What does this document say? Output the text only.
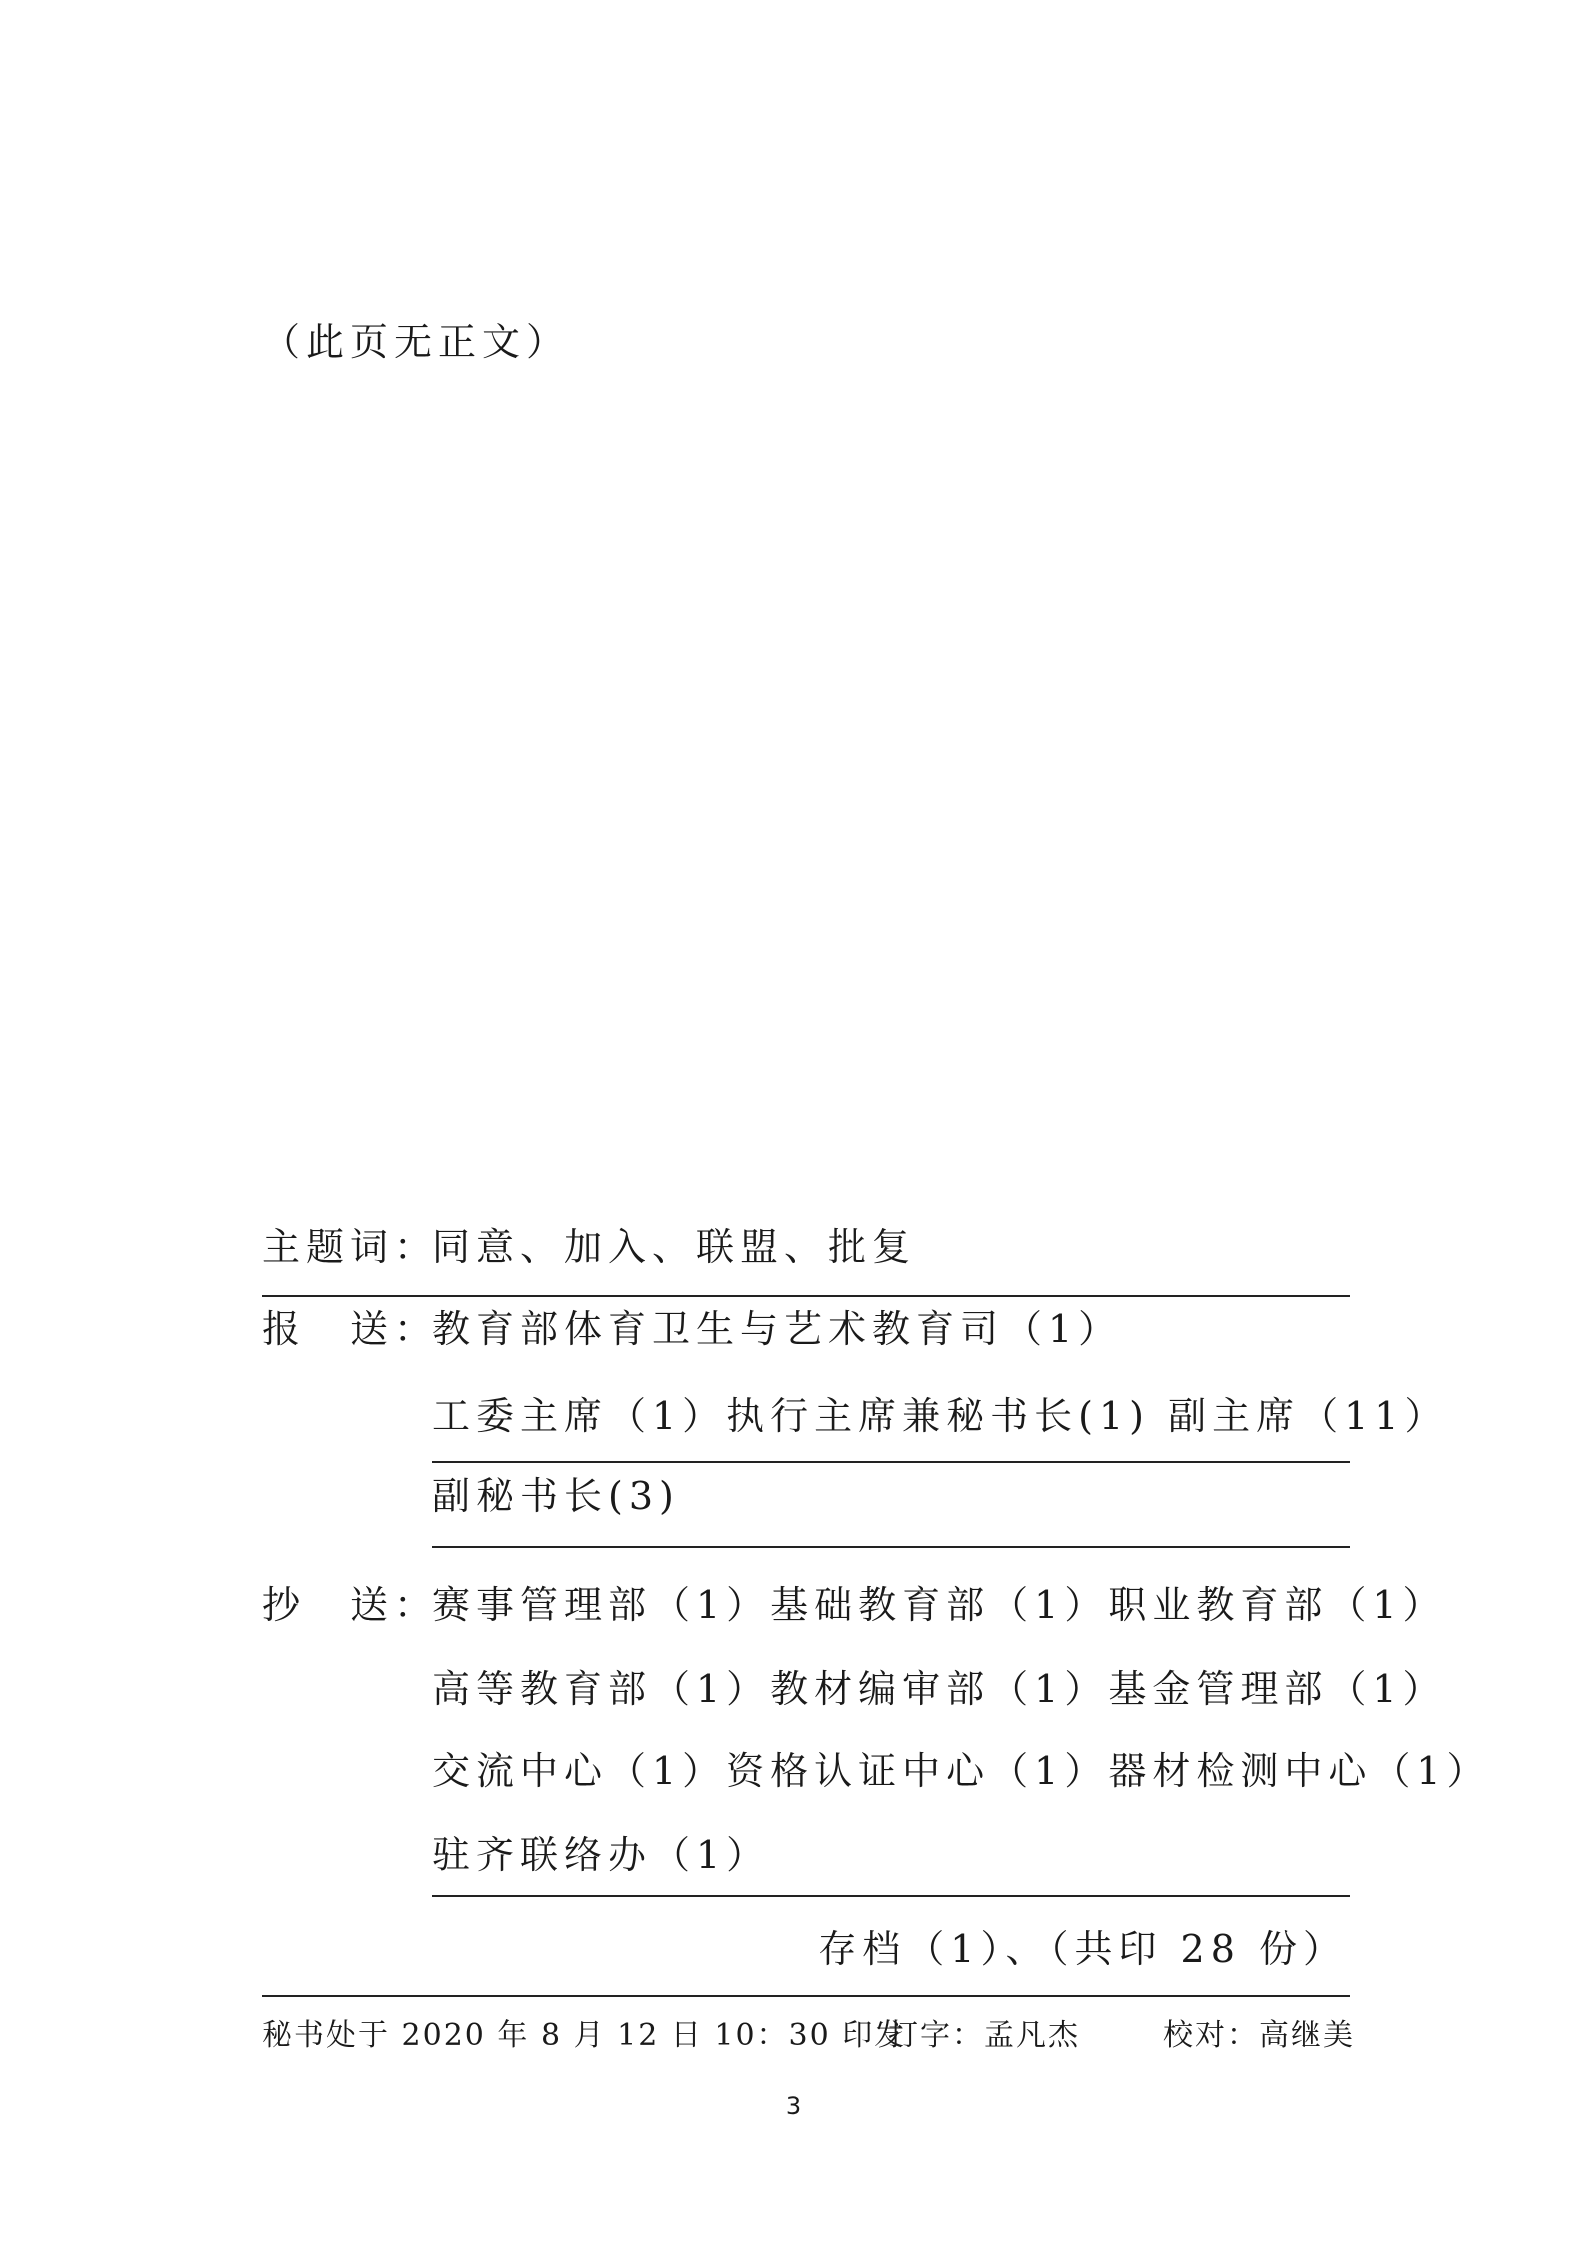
（此页无正文）
主题词：
同意、加入、联盟、批复
报　送：
教育部体育卫生与艺术教育司（1）
工委主席（1）执行主席兼秘书长(1) 副主席（11）
副秘书长(3)
抄　送：
赛事管理部（1）基础教育部（1）职业教育部（1）
高等教育部（1）教材编审部（1）基金管理部（1）
交流中心（1）资格认证中心（1）器材检测中心（1）
驻齐联络办（1）
存档（1）、（共印 28 份）
秘书处于 2020 年 8 月 12 日 10：30 印发
打字：孟凡杰	校对：高继美
3
